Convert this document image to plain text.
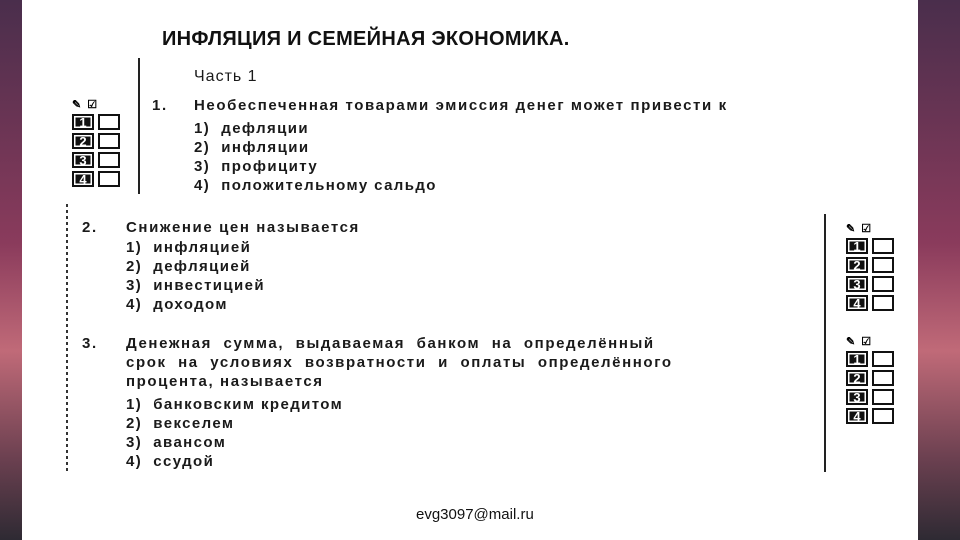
ИНФЛЯЦИЯ И СЕМЕЙНАЯ ЭКОНОМИКА.
Часть 1
✎ ☑
1
2
3
4
1. Необеспеченная товарами эмиссия денег может привести к
1)  дефляции
2)  инфляции
3)  профициту
4)  положительному сальдо
2. Снижение цен называется
1)  инфляцией
2)  дефляцией
3)  инвестицией
4)  доходом
✎ ☑
1
2
3
4
3. Денежная  сумма,  выдаваемая  банком  на  определённый
срок  на  условиях  возвратности  и  оплаты  определённого
процента, называется
1)  банковским кредитом
2)  векселем
3)  авансом
4)  ссудой
✎ ☑
1
2
3
4
evg3097@mail.ru
